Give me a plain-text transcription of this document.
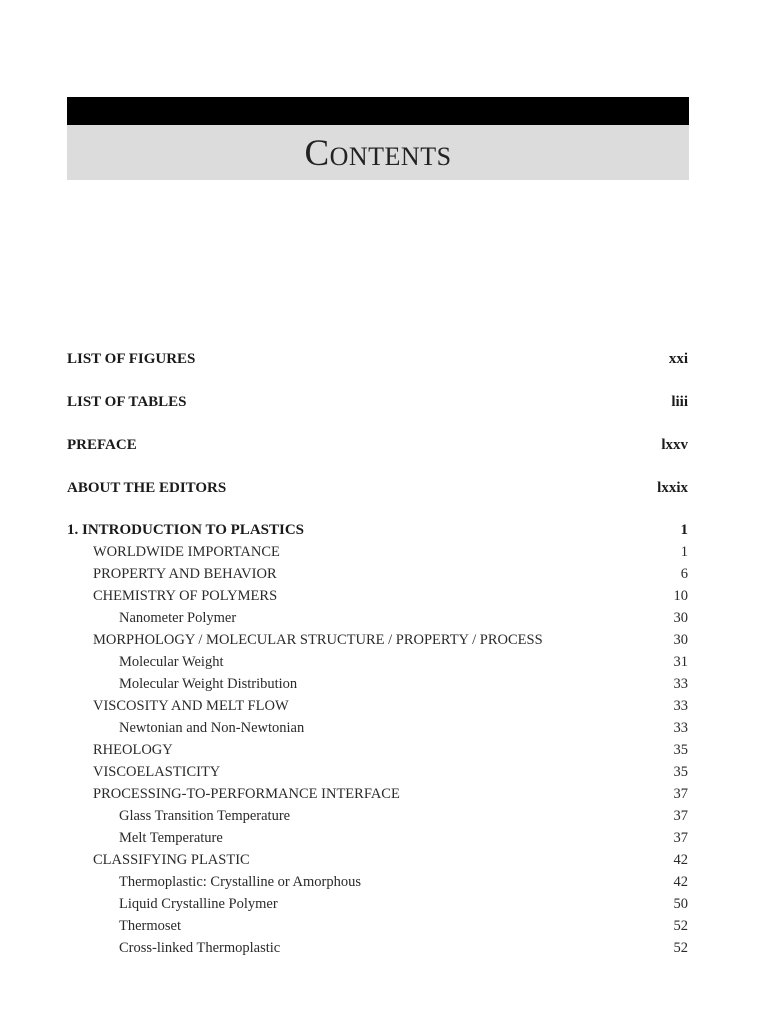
Contents
LIST OF FIGURES	xxi
LIST OF TABLES	liii
PREFACE	lxxv
ABOUT THE EDITORS	lxxix
1. INTRODUCTION TO PLASTICS	1
WORLDWIDE IMPORTANCE	1
PROPERTY AND BEHAVIOR	6
CHEMISTRY OF POLYMERS	10
Nanometer Polymer	30
MORPHOLOGY / MOLECULAR STRUCTURE / PROPERTY / PROCESS	30
Molecular Weight	31
Molecular Weight Distribution	33
VISCOSITY AND MELT FLOW	33
Newtonian and Non-Newtonian	33
RHEOLOGY	35
VISCOELASTICITY	35
PROCESSING-TO-PERFORMANCE INTERFACE	37
Glass Transition Temperature	37
Melt Temperature	37
CLASSIFYING PLASTIC	42
Thermoplastic: Crystalline or Amorphous	42
Liquid Crystalline Polymer	50
Thermoset	52
Cross-linked Thermoplastic	52
